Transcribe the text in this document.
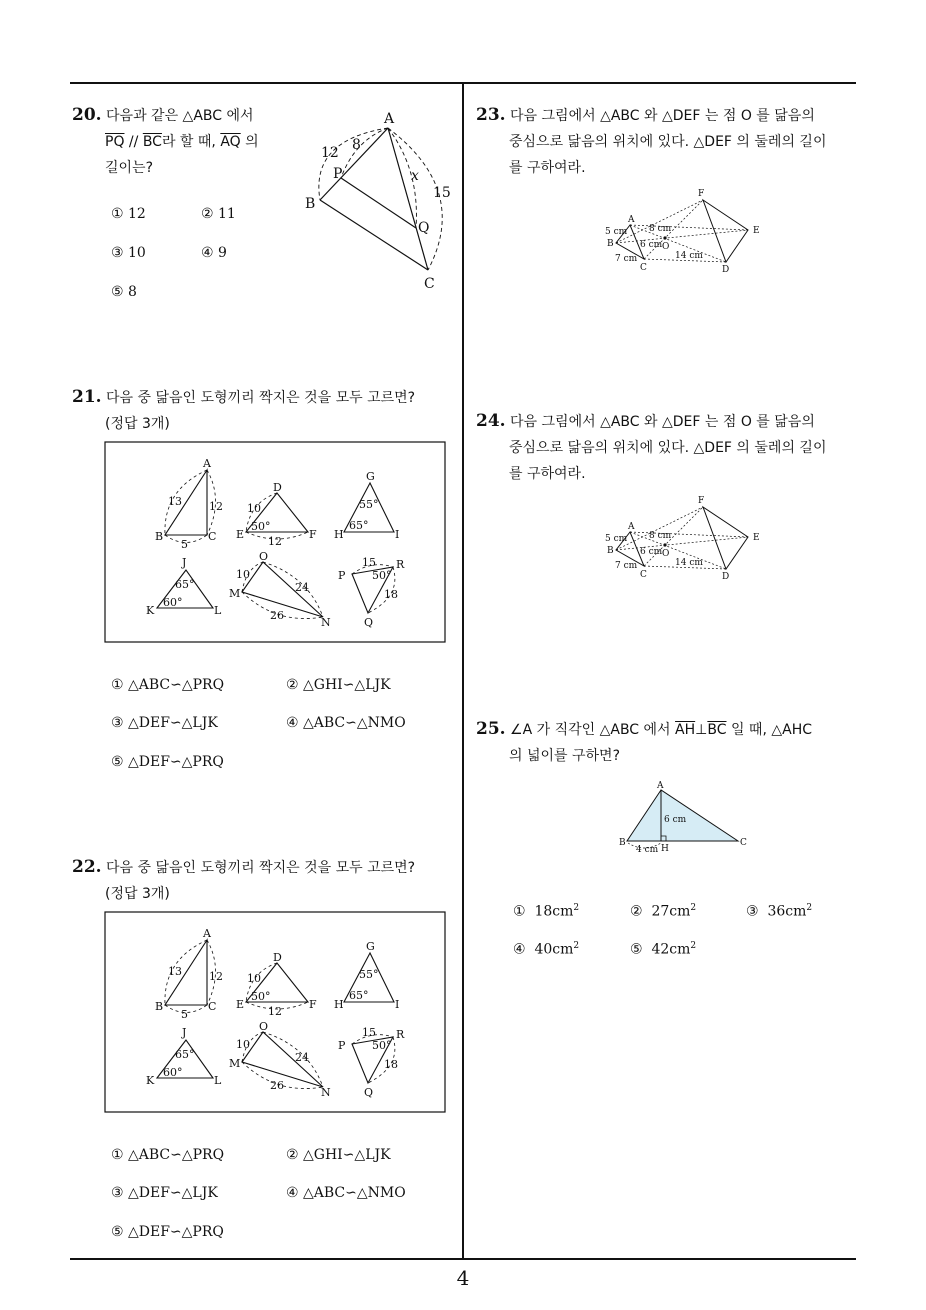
20. 다음과 같은 △ABC 에서
$\overline{PQ} // \overline{BC}$라 할 때, $\overline{AQ}$ 의
길이는?
① 12	② 11
③ 10	④ 9
⑤ 8
A
B
C
P
Q
12 8
x
15
21. 다음 중 닮음인 도형끼리 짝지은 것을 모두 고르면?
(정답 3개)
A
B	C
13 12
5
D
E	F
10
50°
12
G
H	I
55°
65°
J
K	L
65°
60°
O
M
N
10
24
26
P
R
Q
15
50°
18
① △ABC∽△PRQ	② △GHI∽△LJK
③ △DEF∽△LJK	④ △ABC∽△NMO
⑤ △DEF∽△PRQ
22. 다음 중 닮음인 도형끼리 짝지은 것을 모두 고르면?
(정답 3개)
A
B	C
13 12
5
D
E	F
10
50°
12
G
H	I
55°
65°
J
K	L
65°
60°
O
M
N
10
24
26
P
R
Q
15
50°
18
① △ABC∽△PRQ	② △GHI∽△LJK
③ △DEF∽△LJK	④ △ABC∽△NMO
⑤ △DEF∽△PRQ
23. 다음 그림에서 △ABC 와 △DEF 는 점 O 를 닮음의
중심으로 닮음의 위치에 있다. △DEF 의 둘레의 길이
를 구하여라.
A
B
C	D
E
F
O
5 cm 8 cm
6 cm
7 cm	14 cm
24. 다음 그림에서 △ABC 와 △DEF 는 점 O 를 닮음의
중심으로 닮음의 위치에 있다. △DEF 의 둘레의 길이
를 구하여라.
A
B
C	D
E
F
O
5 cm 8 cm
6 cm
7 cm	14 cm
25. ∠A 가 직각인 △ABC 에서 $\overline{AH}\perp\overline{BC}$ 일 때, △AHC
의 넓이를 구하면?
A
B	C
H
6 cm
4 cm
① $18cm^2$	② $27cm^2$	③ $36cm^2$
④ $40cm^2$	⑤ $42cm^2$
4
